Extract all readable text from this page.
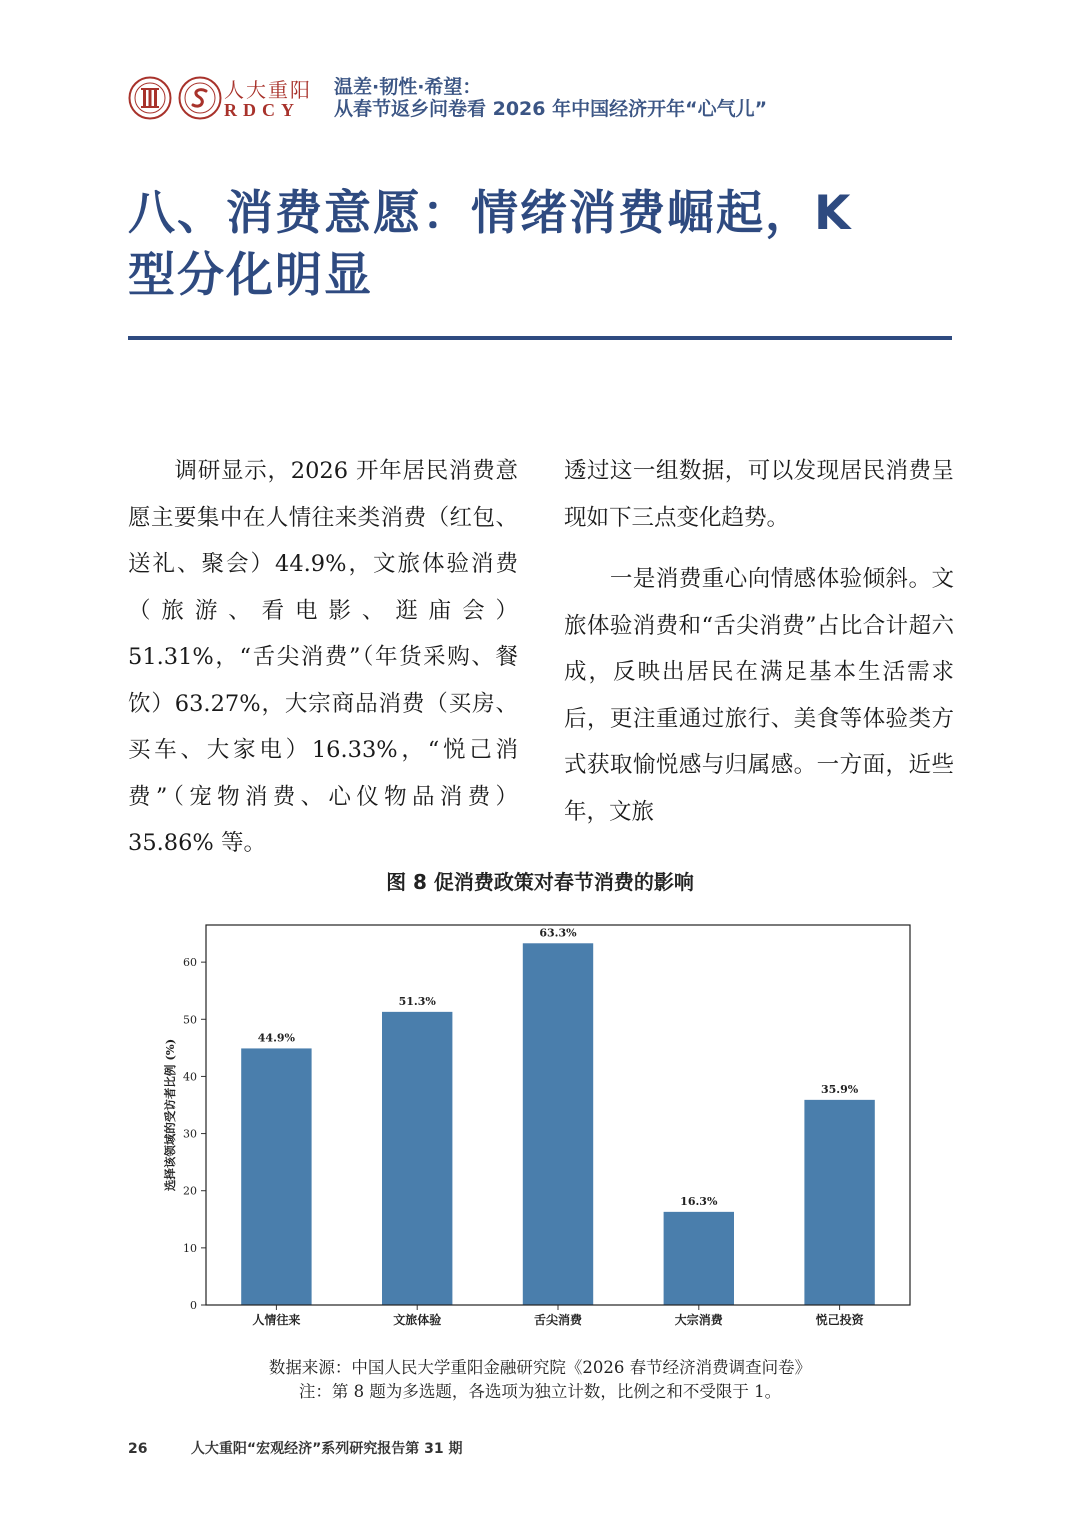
人大重阳
RDCY
温差·韧性·希望：
从春节返乡问卷看 2026 年中国经济开年“心气儿”
八、消费意愿：情绪消费崛起，K
型分化明显

　　调研显示，2026 开年居民消费意愿主要集中在人情往来类消费（红包、送礼、聚会）44.9%，文旅体验消费（旅游、看电影、逛庙会）51.31%，“舌尖消费”（年货采购、餐饮）63.27%，大宗商品消费（买房、买车、大家电）16.33%，“悦己消费”（宠物消费、心仪物品消费）35.86% 等。

透过这一组数据，可以发现居民消费呈现如下三点变化趋势。

　　一是消费重心向情感体验倾斜。文旅体验消费和“舌尖消费”占比合计超六成，反映出居民在满足基本生活需求后，更注重通过旅行、美食等体验类方式获取愉悦感与归属感。一方面，近些年，文旅

图 8 促消费政策对春节消费的影响
0
10
20
30
40
50
60
44.9%
人情往来
51.3%
文旅体验
63.3%
舌尖消费
16.3%
大宗消费
35.9%
悦己投资
选择该领域的受访者比例 (%)
数据来源：中国人民大学重阳金融研究院《2026 春节经济消费调查问卷》
注：第 8 题为多选题，各选项为独立计数，比例之和不受限于 1。
26	人大重阳“宏观经济”系列研究报告第 31 期
